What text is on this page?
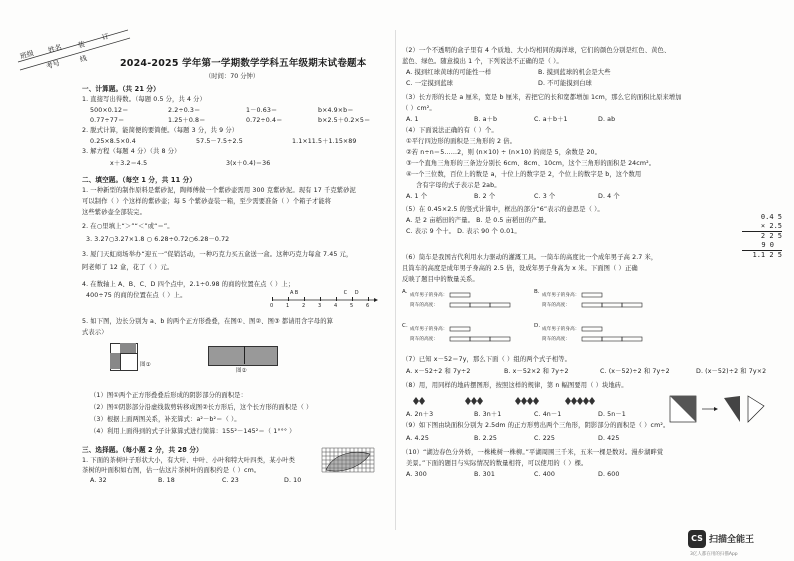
班级
姓名
考号
装
订
线	2024-2025 学年第一学期数学学科五年级期末试卷题本
（时间：70 分钟）
一、计算题。（共 21 分）
1. 直接写出得数。（每题 0.5 分，共 4 分）
500×0.12＝	2.2÷0.3＝	1－0.63＝	b×4.9×b＝
0.77÷77＝	1.25＋0.8＝	0.72÷0.4＝	b×2.5＋0.2×5＝
2. 脱式计算，能简便的要简便。（每题 3 分，共 9 分）
0.25×8.5×0.4	57.5－7.5÷2.5	1.1×11.5＋1.15×89
3. 解方程（每题 4 分）（共 8 分）
x＋3.2＝4.5	3(x＋0.4)＝36
二、填空题。（每空 1 分，共 11 分）
1. 一种新型的制作原料是紫砂泥，陶师傅做一个紫砂壶需用 300 克紫砂泥。现有 17 千克紫砂泥
可以制作（ ）个这样的紫砂壶；每 5 个紫砂壶装一箱，至少需要准备（ ）个箱子才能将
这些紫砂壶全部装完。
2. 在○里填上“＞”“＜”或“＝”。
3. 3.27○3.27×1.8 ○ 6.28÷0.72○6.28－0.72
3. 厦门天虹商场举办“迎五一”促销活动，一种巧克力买五盒送一盒。这种巧克力每盒 7.45 元，
阿老师了 12 盒，花了（ ）元。
4. 在数轴上 A、B、C、D 四个点中，2.1÷0.98 的商的位置在点（ ）上；
400÷75 的商的位置在点（ ）上。
0	1	2	3	4	5	6
A B	C D
5. 如下图，边长分别为 a、b 的两个正方形叠叠，在图①、图②、图③ 都请用含字母的算
式表示）
图①
图②
（1）图①两个正方形叠叠后形成的阴影部分的面积是：
（2）图①阴影部分沿虚线裁剪转移成图②长方形后，这个长方形的面积是（ ）
（3）根据上面两图关系，补充算式：a²－b²＝（ ）。
（4）利用上面得到的式子计算算式进行简算：155²－145²＝（ 1°°° ）
三、选择题。（每小题 2 分，共 28 分）
1. 下面的茶树叶子形状大小，有大叶、中叶、小叶和特大叶四类，某小叶类
茶树的叶面积如右图，估一估这片茶树叶的面积约是（ ）cm。
A. 32	B. 18	C. 23	D. 10
（2）一个不透明的盒子里有 4 个质地、大小均相同的海洋球，它们的颜色分别是红色、黄色、
蓝色、绿色。随意摸出 1 个，下列说法不正确的是（ ）。
A. 摸到红球黄球的可能性一样	B. 摸到蓝球的机会是大些
C. 一定摸到蓝球	D. 不可能摸到白球
（3）长方形的长是 a 厘米，宽是 b 厘米，若把它的长和宽都增加 1cm，那么它的面积比原来增加
（ ）cm²。
A. 1	B. a＋b	C. a＋b＋1	D. ab
（4）下面说法正确的有（ ）个。
①平行四边形的面积是三角形的 2 倍。
②若 n÷n＝5……2，则 (n×10) ÷ (n×10) 的商是 5，余数是 20。
③一个直角三角形的三条边分别长 6cm、8cm、10cm，这个三角形的面积是 24cm²。
④一个三位数，百位上的数是 a，十位上的数字是 2，个位上的数字是 b，这个数用
含有字母的式子表示是 2ab。
A. 1 个	B. 2 个	C. 3 个	D. 4 个
（5）在 0.45×2.5 的竖式计算中，框出的部分“6”表示的意思是（ ）。
A. 是 2 亩稻田的产量。 B. 是 0.5 亩稻田的产量。
C. 表示 9 个十。 D. 表示 90 个 0.01。
0.4 5
× 2.5
2 2 5
9 0
1.1 2 5
（6）筒车是我国古代利用水力驱动的灌溉工具。一筒车的高度比一个成年男子高 2.7 米，
且筒车的高度是成年男子身高的 2.5 倍，设成年男子身高为 x 米。下面图（ ）正确
反映了题目中的数量关系。
A.
成年男子的身高：
筒车的高度：
B.
成年男子的身高：
筒车的高度：
C.
成年男子的身高：
筒车的高度：
D.
成年男子的身高：
筒车的高度：
（7）已知 x－52＝7y，那么下面（ ）组的两个式子相等。
A. x－52÷2 和 7y÷2	B. x－52×2 和 7y÷2	C. (x－52)÷2 和 7y÷2	D. (x－52)÷2 和 7y×2
（8）用，用同样的地砖摆图形，按照这样的规律，第 n 幅图要用（ ）块地砖。
A. 2n＋3	B. 3n＋1	C. 4n－1	D. 5n－1
（9）如下图由块面积分别为 2.5dm 的正方形剪出两个三角形，阴影部分的面积是（ ）cm²。
A. 4.25	B. 2.25	C. 225	D. 425
（10）“湖边春色分外娇，一株桃树一株柳。”平湖周围三千米，五米一棵是数对。漫步湖畔赏
美景。”下面的题目与实际情况的数量相符，可以使用的（ ）棵。
A. 300	B. 301	C. 400	D. 600
CS 扫描全能王
3亿人都在用的扫描App
